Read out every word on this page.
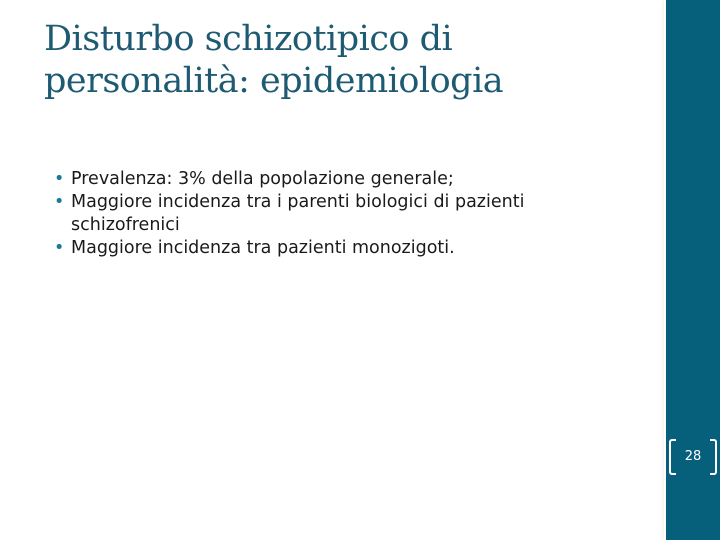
Disturbo schizotipico di
personalità: epidemiologia
• Prevalenza: 3% della popolazione generale;
• Maggiore incidenza tra i parenti biologici di pazienti schizofrenici
• Maggiore incidenza tra pazienti monozigoti.
28
